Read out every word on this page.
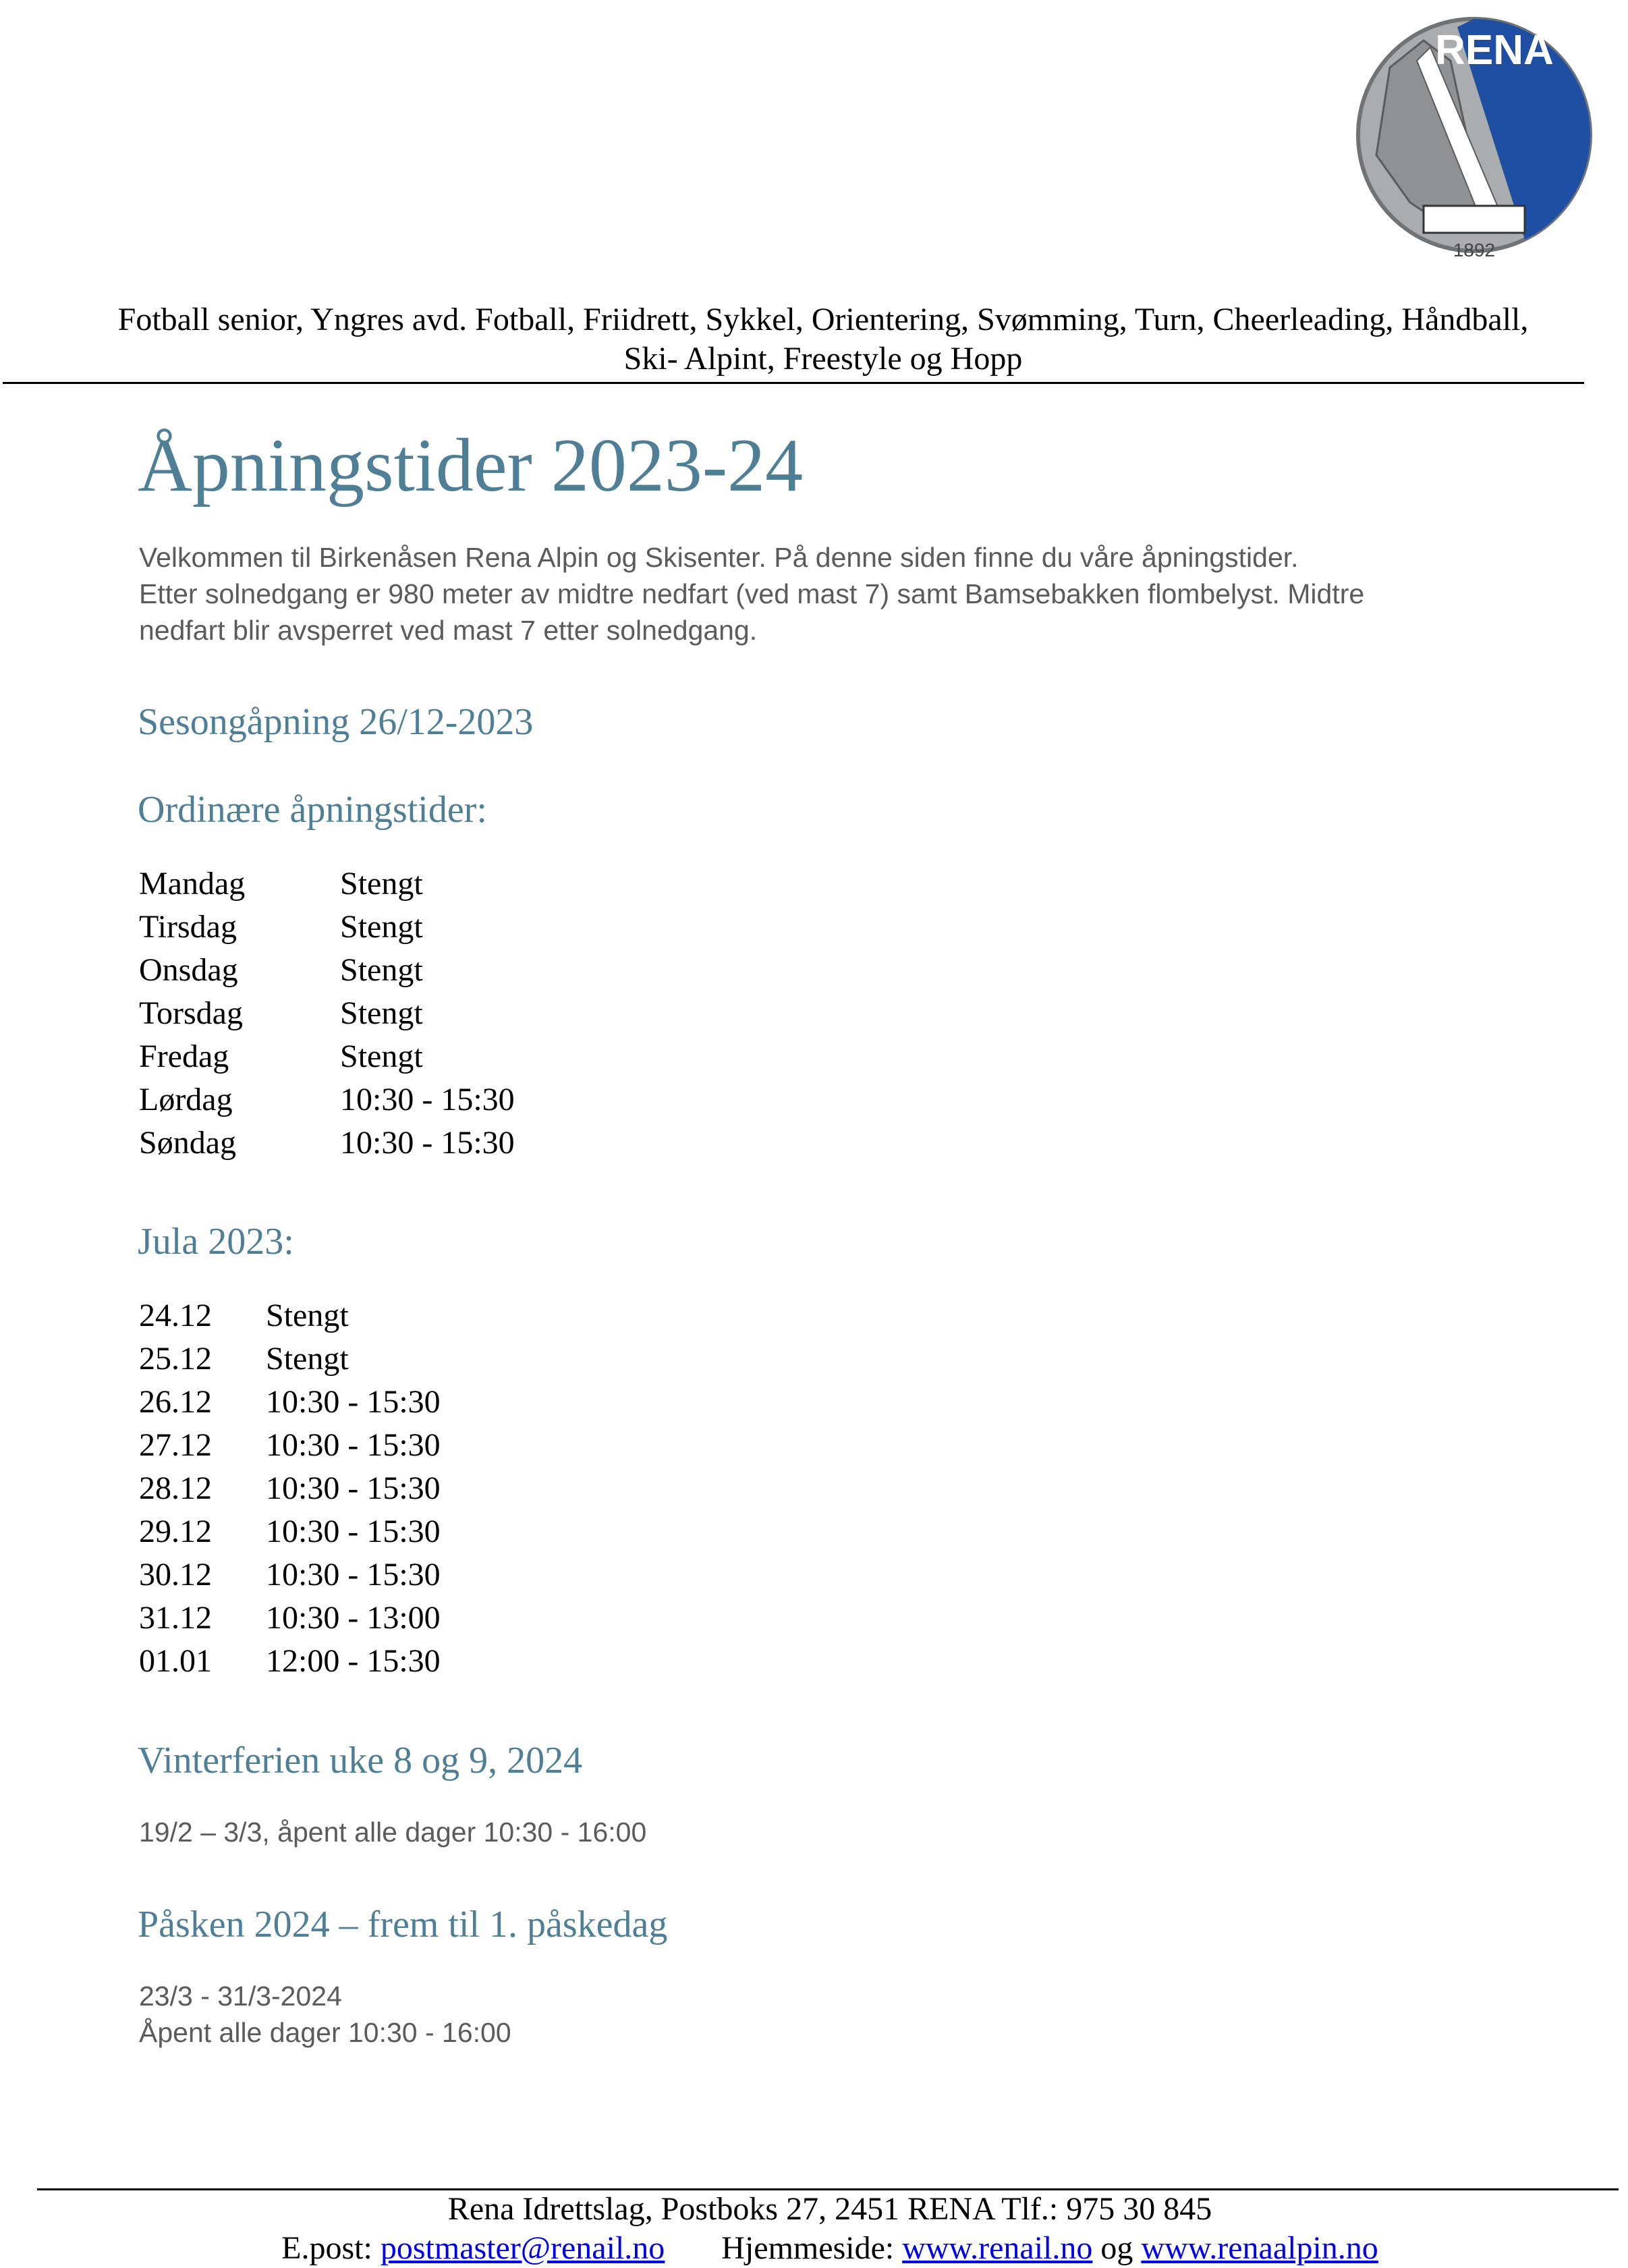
RENA
1892
Fotball senior, Yngres avd. Fotball, Friidrett, Sykkel, Orientering, Svømming, Turn, Cheerleading, Håndball,
Ski- Alpint, Freestyle og Hopp
Åpningstider 2023-24
Velkommen til Birkenåsen Rena Alpin og Skisenter. På denne siden finne du våre åpningstider.
Etter solnedgang er 980 meter av midtre nedfart (ved mast 7) samt Bamsebakken flombelyst. Midtre
nedfart blir avsperret ved mast 7 etter solnedgang.
Sesongåpning 26/12-2023
Ordinære åpningstider:
Mandag	Stengt
Tirsdag	Stengt
Onsdag	Stengt
Torsdag	Stengt
Fredag	Stengt
Lørdag	10:30 - 15:30
Søndag	10:30 - 15:30
Jula 2023:
24.12 Stengt
25.12 Stengt
26.12 10:30 - 15:30
27.12 10:30 - 15:30
28.12 10:30 - 15:30
29.12 10:30 - 15:30
30.12 10:30 - 15:30
31.12 10:30 - 13:00
01.01 12:00 - 15:30
Vinterferien uke 8 og 9, 2024
19/2 – 3/3, åpent alle dager 10:30 - 16:00
Påsken 2024 – frem til 1. påskedag
23/3 - 31/3-2024
Åpent alle dager 10:30 - 16:00
Rena Idrettslag, Postboks 27, 2451 RENA Tlf.: 975 30 845
E.post: postmaster@renail.no Hjemmeside: www.renail.no og www.renaalpin.no
